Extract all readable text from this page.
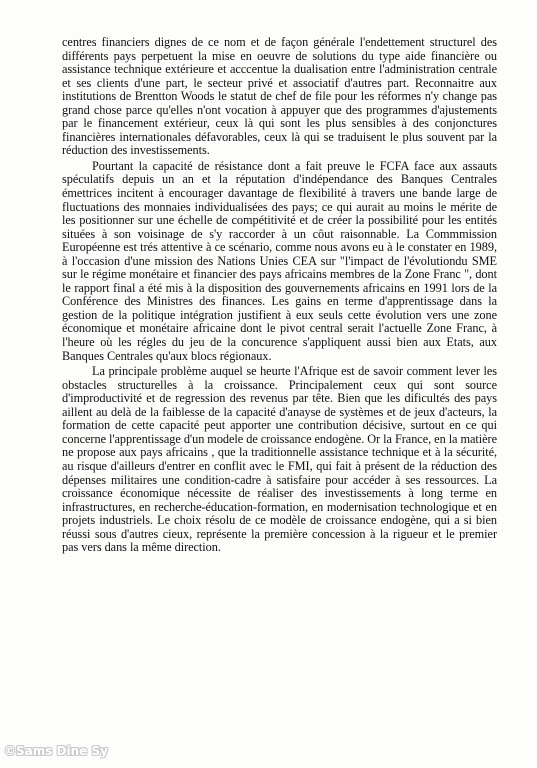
centres financiers dignes de ce nom et de façon générale l'endettement structurel des différents pays perpetuent la mise en oeuvre de solutions du type aide financière ou assistance technique extérieure et acccentue la dualisation entre l'administration centrale et ses clients d'une part, le secteur privé et associatif d'autres part. Reconnaitre aux institutions de Brentton Woods le statut de chef de file pour les réformes n'y change pas grand chose parce qu'elles n'ont vocation à appuyer que des programmes d'ajustements par le financement extérieur, ceux là qui sont les plus sensibles à des conjonctures financières internationales défavorables, ceux là qui se traduisent le plus souvent par la réduction des investissements.

Pourtant la capacité de résistance dont a fait preuve le FCFA face aux assauts spéculatifs depuis un an et la réputation d'indépendance des Banques Centrales émettrices incitent à encourager davantage de flexibilité à travers une bande large de fluctuations des monnaies individualisées des pays; ce qui aurait au moins le mérite de les positionner sur une échelle de compétitivité et de créer la possibilité pour les entités situées à son voisinage de s'y raccorder à un côut raisonnable. La Commmission Européenne est trés attentive à ce scénario, comme nous avons eu à le constater en 1989, à l'occasion d'une mission des Nations Unies CEA sur "l'impact de l'évolutiondu SME sur le régime monétaire et financier des pays africains membres de la Zone Franc ", dont le rapport final a été mis à la disposition des gouvernements africains en 1991 lors de la Conférence des Ministres des finances. Les gains en terme d'apprentissage dans la gestion de la politique intégration justifient à eux seuls cette évolution vers une zone économique et monétaire africaine dont le pivot central serait l'actuelle Zone Franc, à l'heure où les régles du jeu de la concurence s'appliquent aussi bien aux Etats, aux Banques Centrales qu'aux blocs régionaux.

La principale problème auquel se heurte l'Afrique est de savoir comment lever les obstacles structurelles à la croissance. Principalement ceux qui sont source d'improductivité et de regression des revenus par tête. Bien que les dificultés des pays aillent au delà de la faiblesse de la capacité d'anayse de systèmes et de jeux d'acteurs, la formation de cette capacité peut apporter une contribution décisive, surtout en ce qui concerne l'apprentissage d'un modele de croissance endogène. Or la France, en la matière ne propose aux pays africains , que la traditionnelle assistance technique et à la sécurité, au risque d'ailleurs d'entrer en conflit avec le FMI, qui fait à présent de la réduction des dépenses militaires une condition-cadre à satisfaire pour accéder à ses ressources. La croissance économique nécessite de réaliser des investissements à long terme en infrastructures, en recherche-éducation-formation, en modernisation technologique et en projets industriels. Le choix résolu de ce modèle de croissance endogène, qui a si bien réussi sous d'autres cieux, représente la première concession à la rigueur et le premier pas vers dans la même direction.

©Sams Dine Sy
